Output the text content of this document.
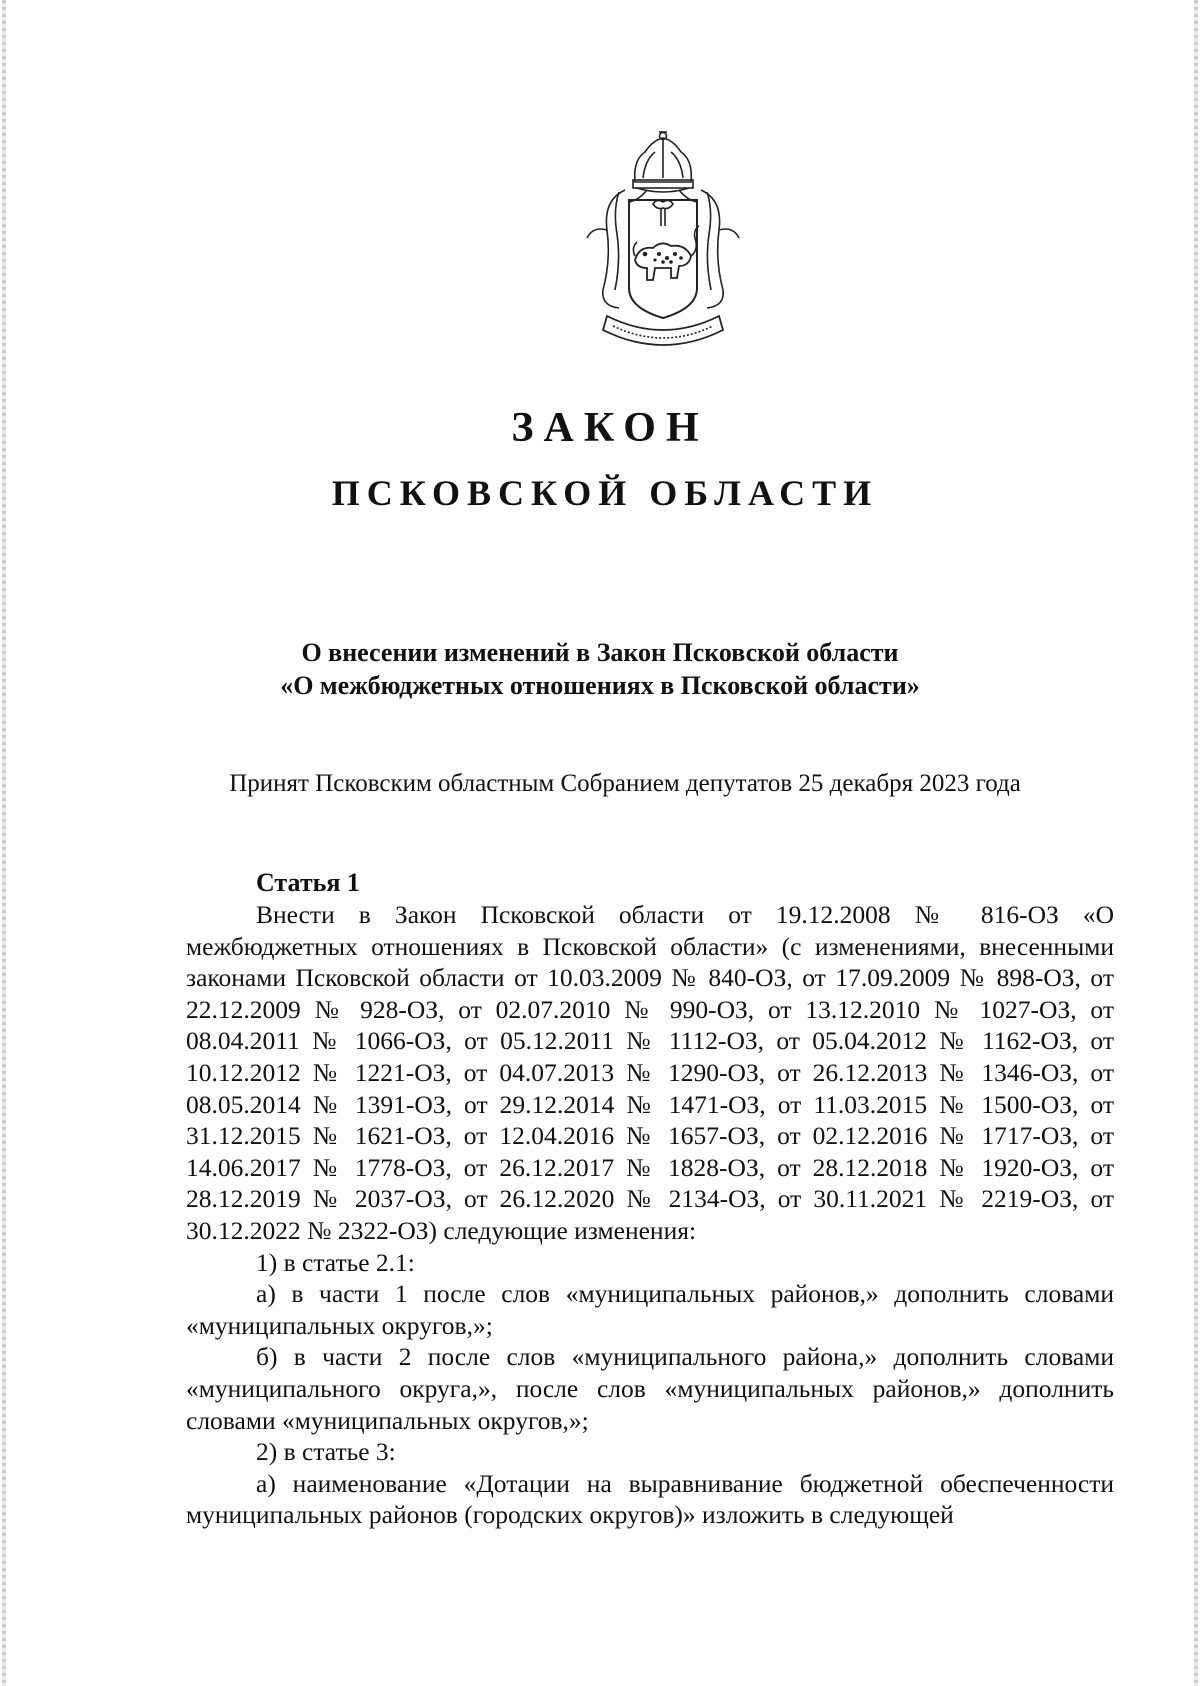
ЗАКОН
ПСКОВСКОЙ ОБЛАСТИ
О внесении изменений в Закон Псковской области
«О межбюджетных отношениях в Псковской области»
Принят Псковским областным Собранием депутатов 25 декабря 2023 года
Статья 1

Внести в Закон Псковской области от 19.12.2008 № 816-ОЗ «О межбюджетных отношениях в Псковской области» (с изменениями, внесенными законами Псковской области от 10.03.2009 № 840-ОЗ, от 17.09.2009 № 898-ОЗ, от 22.12.2009 № 928-ОЗ, от 02.07.2010 № 990-ОЗ, от 13.12.2010 № 1027-ОЗ, от 08.04.2011 № 1066-ОЗ, от 05.12.2011 № 1112-ОЗ, от 05.04.2012 № 1162-ОЗ, от 10.12.2012 № 1221-ОЗ, от 04.07.2013 № 1290-ОЗ, от 26.12.2013 № 1346-ОЗ, от 08.05.2014 № 1391-ОЗ, от 29.12.2014 № 1471-ОЗ, от 11.03.2015 № 1500-ОЗ, от 31.12.2015 № 1621-ОЗ, от 12.04.2016 № 1657-ОЗ, от 02.12.2016 № 1717-ОЗ, от 14.06.2017 № 1778-ОЗ, от 26.12.2017 № 1828-ОЗ, от 28.12.2018 № 1920-ОЗ, от 28.12.2019 № 2037-ОЗ, от 26.12.2020 № 2134-ОЗ, от 30.11.2021 № 2219-ОЗ, от 30.12.2022 № 2322-ОЗ) следующие изменения:

1) в статье 2.1:

а) в части 1 после слов «муниципальных районов,» дополнить словами «муниципальных округов,»;

б) в части 2 после слов «муниципального района,» дополнить словами «муниципального округа,», после слов «муниципальных районов,» дополнить словами «муниципальных округов,»;

2) в статье 3:

а) наименование «Дотации на выравнивание бюджетной обеспеченности муниципальных районов (городских округов)» изложить в следующей
